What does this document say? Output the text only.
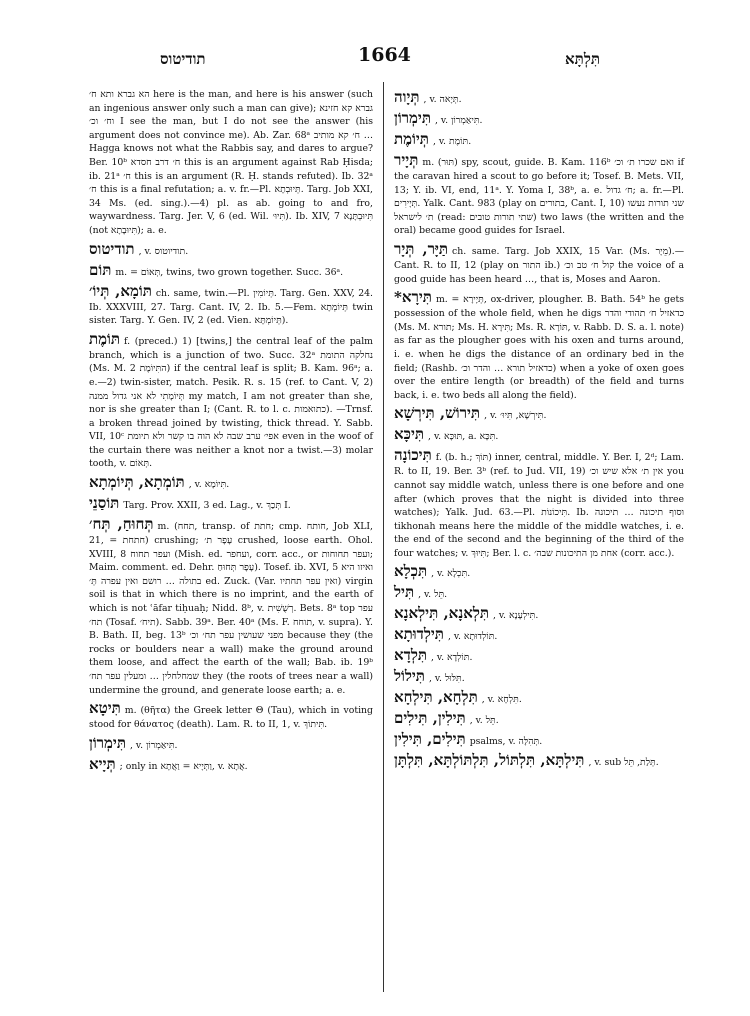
תודיטוס	1664	תִּלְתָּא

הא גברא ותא ח׳ here is the man, and here is his answer (such an ingenious answer only such a man can give); גברא קא חזינא וח׳ וכ׳ I see the man, but I do not see the answer (his argument does not convince me). Ab. Zar. 68ᵃ ח׳ קא מותיב … Hagga knows not what the Rabbis say, and dares to argue? Ber. 10ᵇ ח׳ דרב חסדא this is an argument against Rab Ḥisda; ib. 21ᵃ ח׳ this is an argument (R. Ḥ. stands refuted). Ib. 32ᵃ ח׳ this is a final refutation; a. v. fr.—Pl. תְּיוּבְתָא. Targ. Job XXI, 34 Ms. (ed. sing.).—4) pl. as ab. going to and fro, waywardness. Targ. Jer. V, 6 (ed. Wil. תִּיוּ׳). Ib. XIV, 7 תִּיוּבְתָּנָא (not תִּיוּבָתָא); a. e.

תודיטוס , v. תודיוטוס.

תּוֹם m. = תְּאוֹם, twins, two grown together. Succ. 36ᵃ.

תּוֹמָא, תְּיוֹ׳ ch. same, twin.—Pl. תְּיוֹמִין. Targ. Gen. XXV, 24. Ib. XXXVIII, 27. Targ. Cant. IV, 2. Ib. 5.—Fem. תְּיוֹמְתָא twin sister. Targ. Y. Gen. IV, 2 (ed. Vien. תְּיוֹמְתָּא).

תּוֹמֶת f. (preced.) 1) [twins,] the central leaf of the palm branch, which is a junction of two. Succ. 32ᵃ נחלקה התומת (Ms. M. 2 התִּיוֹמֶת) if the central leaf is split; B. Kam. 96ᵃ; a. e.—2) twin-sister, match. Pesik. R. s. 15 (ref. to Cant. V, 2) תְּיוֹמָתִי לא אני גדול ממנה my match, I am not greater than she, nor is she greater than I; (Cant. R. to l. c. כתואמות). —Trnsf. a broken thread joined by twisting, thick thread. Y. Sabb. VII, 10ᶜ אפי׳ ערב שבה לא הוה בו קשר ולא תיומת even in the woof of the curtain there was neither a knot nor a twist.—3) molar tooth, v. תְּאוֹם.

תּוֹמְתָא, תְּיוֹמְתָא , v. תִּיוֹמָא.

תּוֹסַנֵי Targ. Prov. XXII, 3 ed. Lag., v. תְּכַךְ I.

תְּחוּחַ, תְּח׳ m. (תחח, transp. of חתת; cmp. חותח, Job XLI, 21, = חתחת) crushing; עָפָר ת׳ crushed, loose earth. Ohol. XVIII, 8 ועפר תחוח (Mish. ed. ועחפר, corr. acc., or ועפר תחוחות; Maim. comment. ed. Dehr. עָפָר תְּחוּחַ). Tosef. ib. XVI, 5 ואיזו היא בתולה … רושם ואין עפרה תְּ׳ ed. Zuck. (Var. ואין עפר תחתיו) virgin soil is that in which there is no imprint, and the earth of which is not ʿāfar tiḥuaḥ; Nidd. 8ᵇ, v. רְשֻׁשִׁית. Bets. 8ᵃ top עפר תח׳ (Tosaf. תיח׳). Sabb. 39ᵃ. Ber. 40ᵃ (Ms. F. תוחח, v. supra). Y. B. Bath. II, beg. 13ᵇ מפני שעושין עפר תח׳ וכ׳ because they (the rocks or boulders near a wall) make the ground around them loose, and affect the earth of the wall; Bab. ib. 19ᵇ שמחלחלין … ומעלין עפר תח׳ they (the roots of trees near a wall) undermine the ground, and generate loose earth; a. e.

תִּיטָא m. (θῆτα) the Greek letter Θ (Tau), which in voting stood for θάνατος (death). Lam. R. to II, 1, v. תִּיתוֹךְ.

תִּימְרוֹן , v. תִּיאַמְרוֹן.

תְּיָיא ; only in וַתְּיָיא = וַאֲתָא, v. אֲתָא.

תְּיָוה , v. תְּיָאה.

תִּימְרוֹן , v. תִּיאַמְרוֹן.

תְּיוֹמֶת , v. תּוֹמֶת.

תְּיָיר m. (תּוּר) spy, scout, guide. B. Kam. 116ᵇ ואם שכרו ת׳ וכ׳ if the caravan hired a scout to go before it; Tosef. B. Mets. VII, 13; Y. ib. VI, end, 11ᵃ. Y. Yoma I, 38ᵇ, a. e. ח׳ גדול; a. fr.—Pl. תְּיָירִים. Yalk. Cant. 983 (play on בתורים, Cant. I, 10) שני תורות נעשו ת׳ לישראל (read: שתי תורות טובים) two laws (the written and the oral) became good guides for Israel.

תַּיָּר, תְּיָר ch. same. Targ. Job XXIX, 15 Var. (Ms. מֵיָר).—Cant. R. to II, 12 (play on התור ib.) קול ח׳ טב וכ׳ the voice of a good guide has been heard …, that is, Moses and Aaron.

תִּירָא* m. = תְּיָירָא, ox-driver, plougher. B. Bath. 54ᵇ he gets possession of the whole field, when he digs כדאזיל ח׳ תהודי והדר (Ms. M. תורא; Ms. H. תִּירָא; Ms. R. תּוֹרָא, v. Rabb. D. S. a. l. note) as far as the plougher goes with his oxen and turns around, i. e. when he digs the distance of an ordinary bed in the field; (Rashb. כדאזיל תורא … והדר וכ׳) when a yoke of oxen goes over the entire length (or breadth) of the field and turns back, i. e. two beds all along the field).

תִּירוֹשׁ, תִּירְשָׁא , v. תִּירְשָׁא, תִּיוּ׳.

תִּיכָּא , v. תּוּכָּא, a. תִּכָּא.

תִּיכוֹנָה f. (b. h.; תּוֹךְ) inner, central, middle. Y. Ber. I, 2ᵈ; Lam. R. to II, 19. Ber. 3ᵇ (ref. to Jud. VII, 19) אין ת׳ אלא שיש וכ׳ you cannot say middle watch, unless there is one before and one after (which proves that the night is divided into three watches); Yalk. Jud. 63.—Pl. תִּיכוֹנוֹת. Ib. וסוף תיכונה … תיכונה tikhonah means here the middle of the middle watches, i. e. the end of the second and the beginning of the third of the four watches; v. תִּיוּךְ; Ber. l. c. אחת מן התיכונות שבה׳ (corr. acc.).

תִּכְלָא , v. תִּכְלָא.

תִּיל , v. תֵּל.

תִּלְאנָא, תִּילְאנָא , v. תִּילְעָנָא.

תִּילְדוּתָא , v. תּוֹלְדוּתָא.

תִּלְדָא , v. תּוֹלְדָא.

תִּילוֹל , v. תִּלּוּל.

תִּלְחָא, תִּילְחָא , v. תִּלְחָא.

תִּילִין, תִּילִים , v. תֵּל.

תִּילִים, תִּילִין psalms, v. תְּהִלָּה.

תִּילְתָּא, תִּלְתּוֹל, תִּלְתּוֹלְתָּא, תִּלְתָּן , v. sub תְּלַת, תֵּל.
